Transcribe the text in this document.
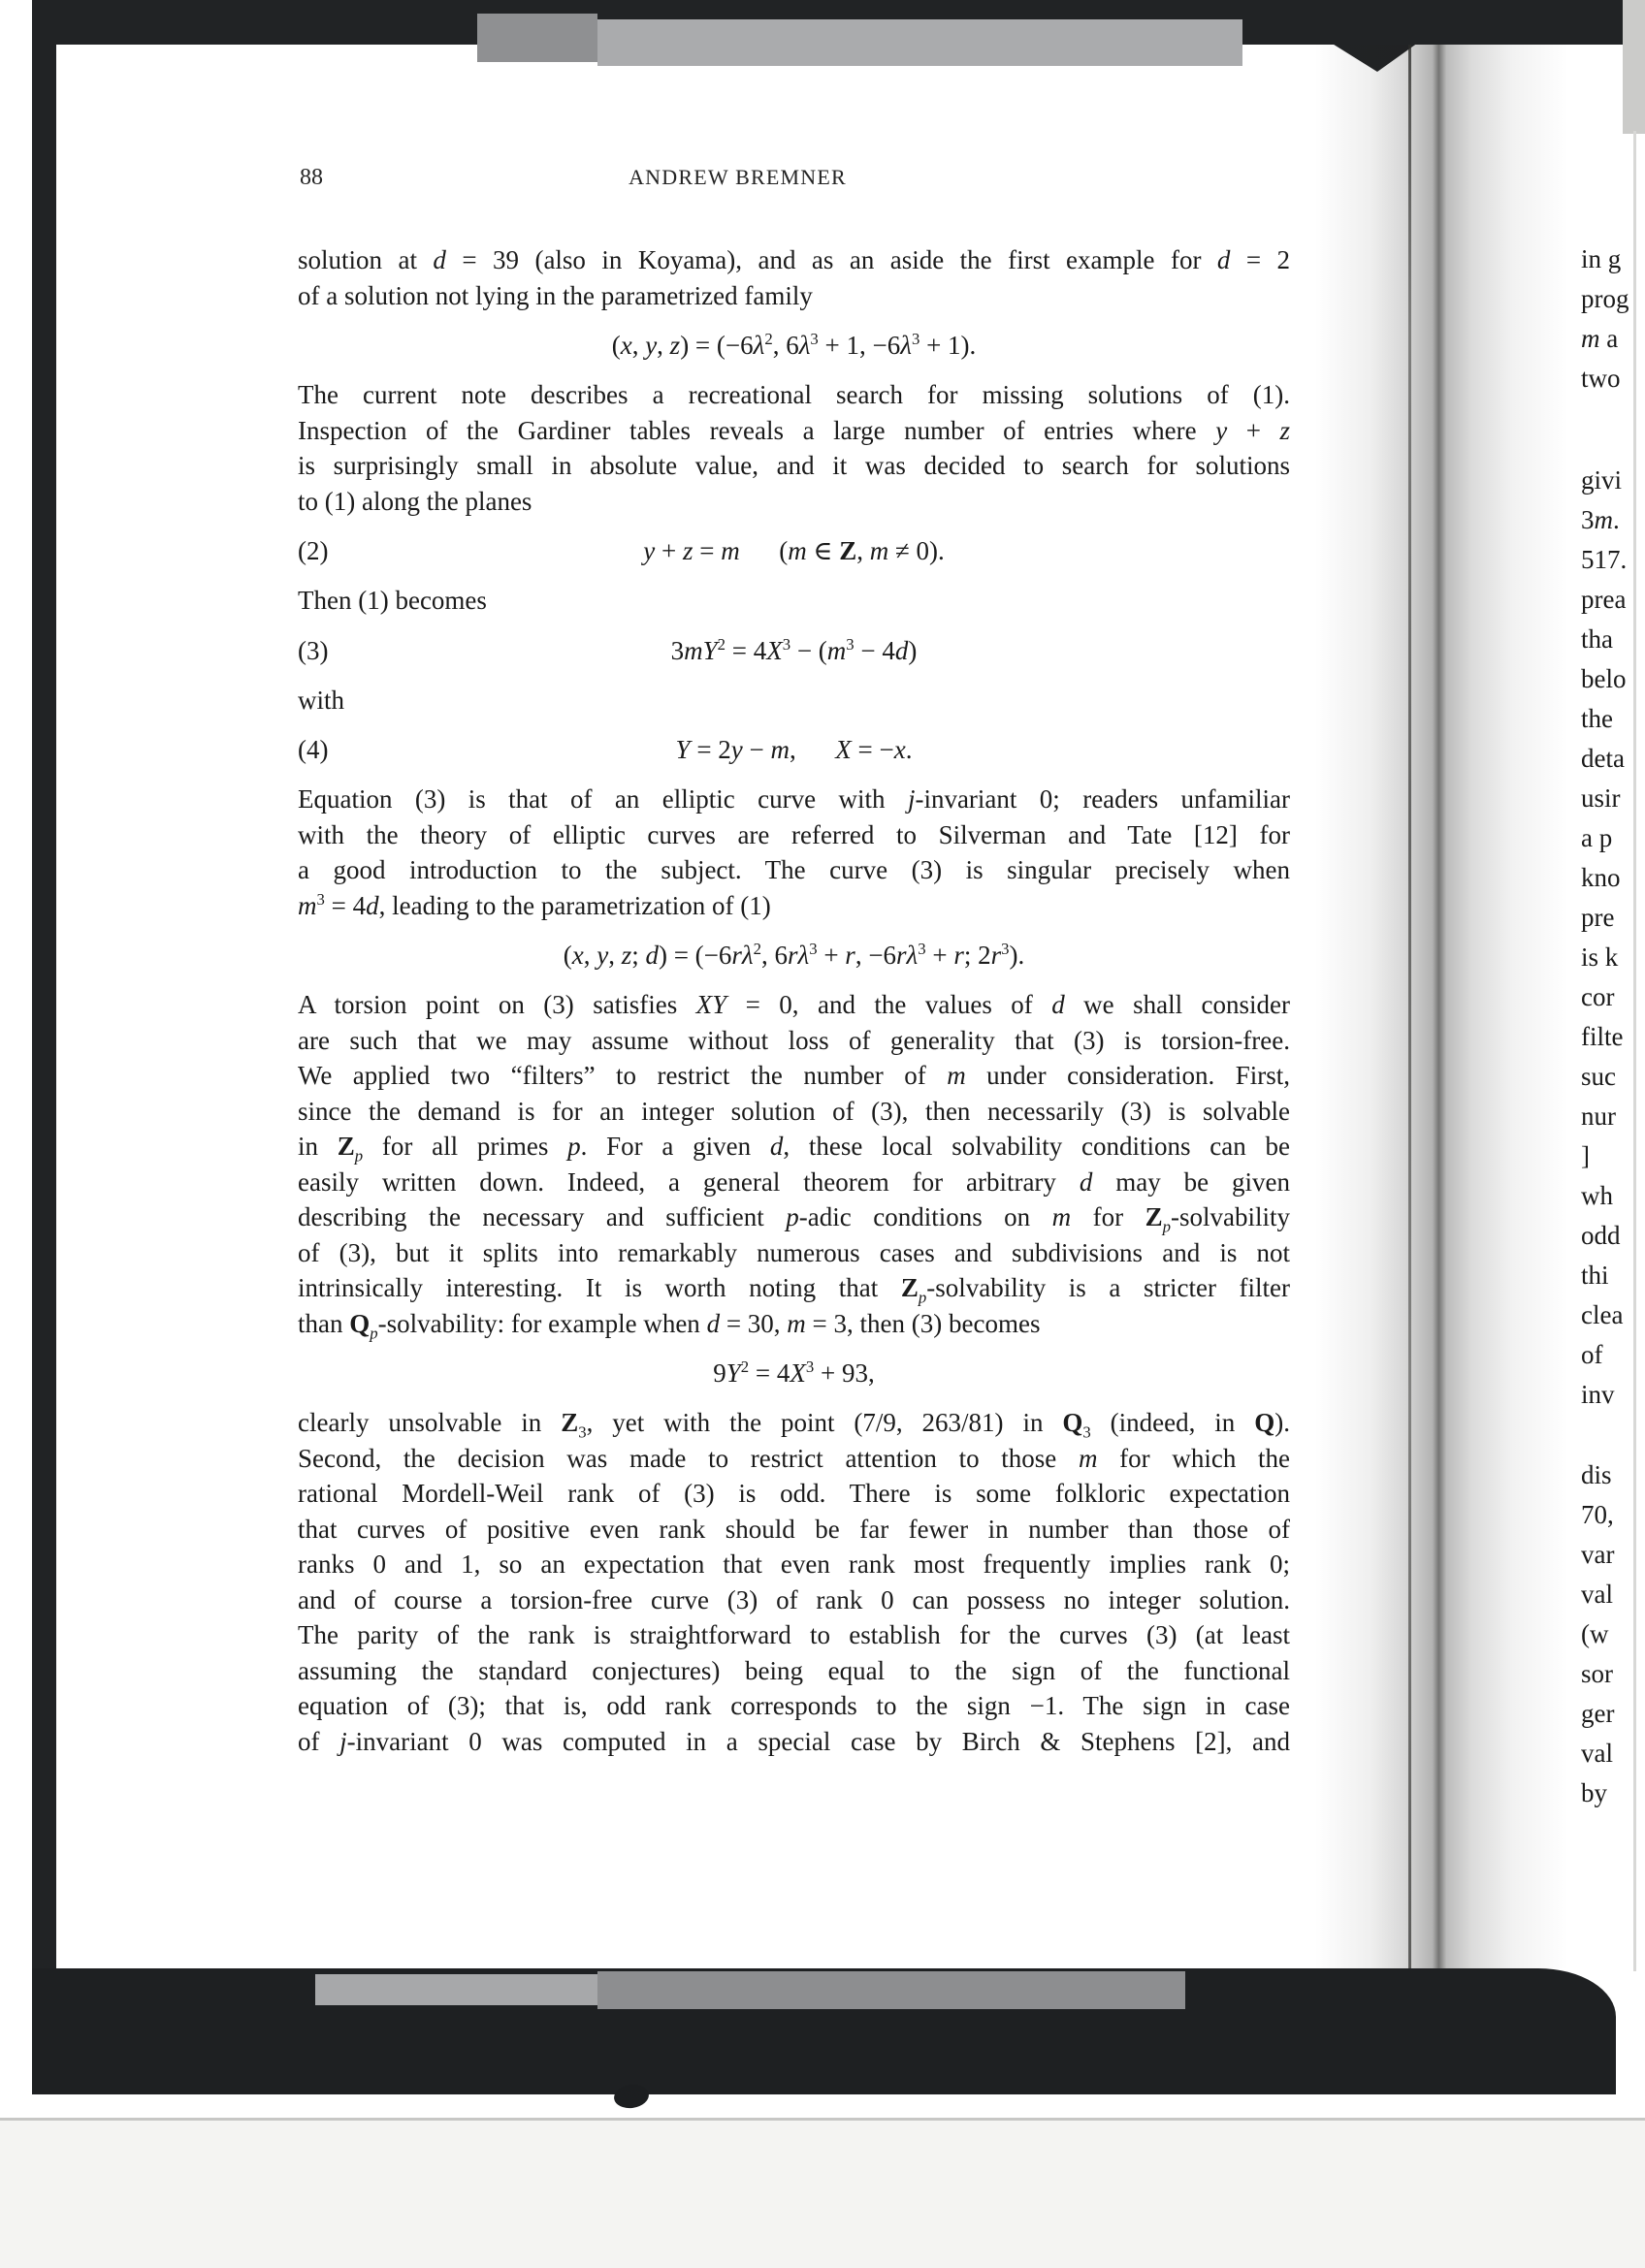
88	ANDREW BREMNER
solution at d = 39 (also in Koyama), and as an aside the first example for d = 2
of a solution not lying in the parametrized family
(x, y, $z) = (-6\lambda^2$, $6\lambda^3 + 1$, $-6\lambda^3 + 1$).
The current note describes a recreational search for missing solutions of (1).
Inspection of the Gardiner tables reveals a large number of entries where y + z
is surprisingly small in absolute value, and it was decided to search for solutions
to (1) along the planes
(2)	y + z = m  (m ∈ Z, m ≠ 0).
Then (1) becomes
(3)	$3mY^2 = 4X^3 - (m^3 - 4d)$
with
(4)	Y = 2y − m,  X = −x.
Equation (3) is that of an elliptic curve with j-invariant 0; readers unfamiliar
with the theory of elliptic curves are referred to Silverman and Tate [12] for
a good introduction to the subject. The curve (3) is singular precisely when
$m^3 = 4d$, leading to the parametrization of (1)
(x, y, z; $d) = (-6r\lambda^2$, $6r\lambda^3 + r$, $-6r\lambda^3 + r$; $2r^3$).
A torsion point on (3) satisfies XY = 0, and the values of d we shall consider
are such that we may assume without loss of generality that (3) is torsion-free.
We applied two “filters” to restrict the number of m under consideration. First,
since the demand is for an integer solution of (3), then necessarily (3) is solvable
in $Z_p$ for all primes p. For a given d, these local solvability conditions can be
easily written down. Indeed, a general theorem for arbitrary d may be given
describing the necessary and sufficient p-adic conditions on m for $Z_p$-solvability
of (3), but it splits into remarkably numerous cases and subdivisions and is not
intrinsically interesting. It is worth noting that $Z_p$-solvability is a stricter filter
than $Q_p$-solvability: for example when d = 30, m = 3, then (3) becomes
$9Y^2 = 4X^3 + 93$,
clearly unsolvable in $Z_3$, yet with the point (7/9, 263/81) in $Q_3$ (indeed, in Q).
Second, the decision was made to restrict attention to those m for which the
rational Mordell-Weil rank of (3) is odd. There is some folkloric expectation
that curves of positive even rank should be far fewer in number than those of
ranks 0 and 1, so an expectation that even rank most frequently implies rank 0;
and of course a torsion-free curve (3) of rank 0 can possess no integer solution.
The parity of the rank is straightforward to establish for the curves (3) (at least
assuming the sta̩ndard conjectures) being equal to the sign of the functional
equation of (3); that is, odd rank corresponds to the sign −1. The sign in case
of j-invariant 0 was computed in a special case by Birch & Stephens [2], and
in g
prog
m a
two
givi
3m.
517.
prea
tha
belo
the
deta
usir
a p
kno
pre
is k
cor
filte
suc
nur
]
wh
odd
thi
clea
of
inv
dis
70,
var
val
(w
sor
ger
val
by
